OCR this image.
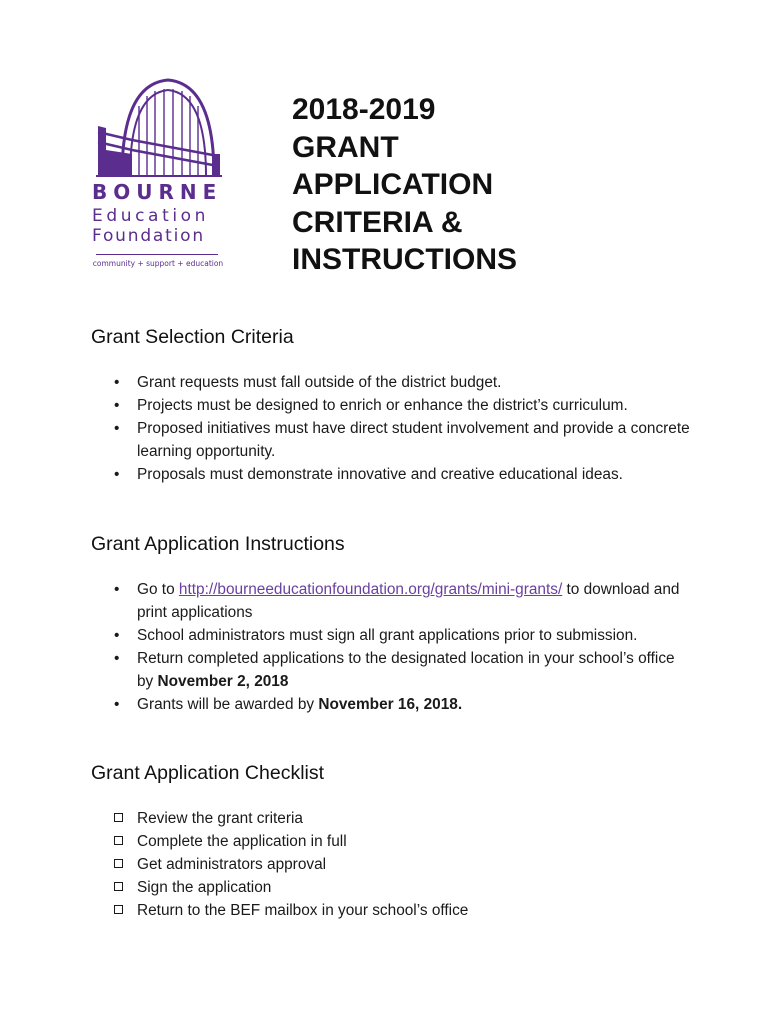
BOURNE
Education
Foundation
community + support + education
2018-2019
GRANT
APPLICATION
CRITERIA &
INSTRUCTIONS
Grant Selection Criteria
• Grant requests must fall outside of the district budget.
• Projects must be designed to enrich or enhance the district’s curriculum.
• Proposed initiatives must have direct student involvement and provide a concrete learning opportunity.
• Proposals must demonstrate innovative and creative educational ideas.
Grant Application Instructions
• Go to http://bourneeducationfoundation.org/grants/mini-grants/ to download and print applications
• School administrators must sign all grant applications prior to submission.
• Return completed applications to the designated location in your school’s office by November 2, 2018
• Grants will be awarded by November 16, 2018.
Grant Application Checklist
Review the grant criteria
Complete the application in full
Get administrators approval
Sign the application
Return to the BEF mailbox in your school’s office
